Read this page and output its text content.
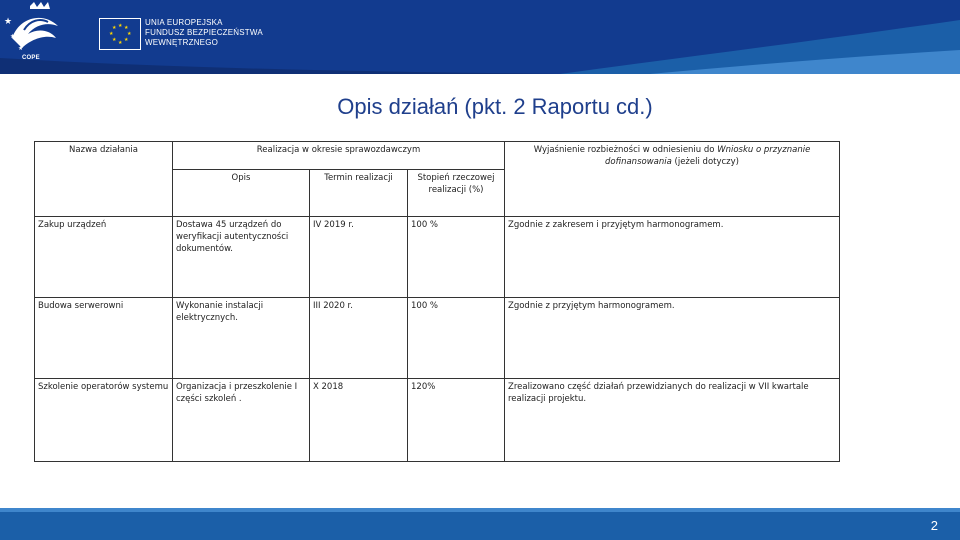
★
★
★
COPE
★ ★
★
★
★
★
★
★
UNIA EUROPEJSKA
FUNDUSZ BEZPIECZEŃSTWA
WEWNĘTRZNEGO
Opis działań (pkt. 2 Raportu cd.)
Nazwa działania	Realizacja w okresie sprawozdawczym			Wyjaśnienie rozbieżności w odniesieniu do Wniosku o przyznanie dofinansowania (jeżeli dotyczy)
	Opis	Termin realizacji	Stopień rzeczowej realizacji (%)	
Zakup urządzeń	Dostawa 45 urządzeń do weryfikacji autentyczności dokumentów.	IV 2019 r.	100 %	Zgodnie z zakresem i przyjętym harmonogramem.
Budowa serwerowni	Wykonanie instalacji elektrycznych.	III 2020 r.	100 %	Zgodnie z przyjętym harmonogramem.
Szkolenie operatorów systemu	Organizacja i przeszkolenie I części szkoleń .	X 2018	120%	Zrealizowano część działań przewidzianych do realizacji w VII kwartale realizacji projektu.
2
